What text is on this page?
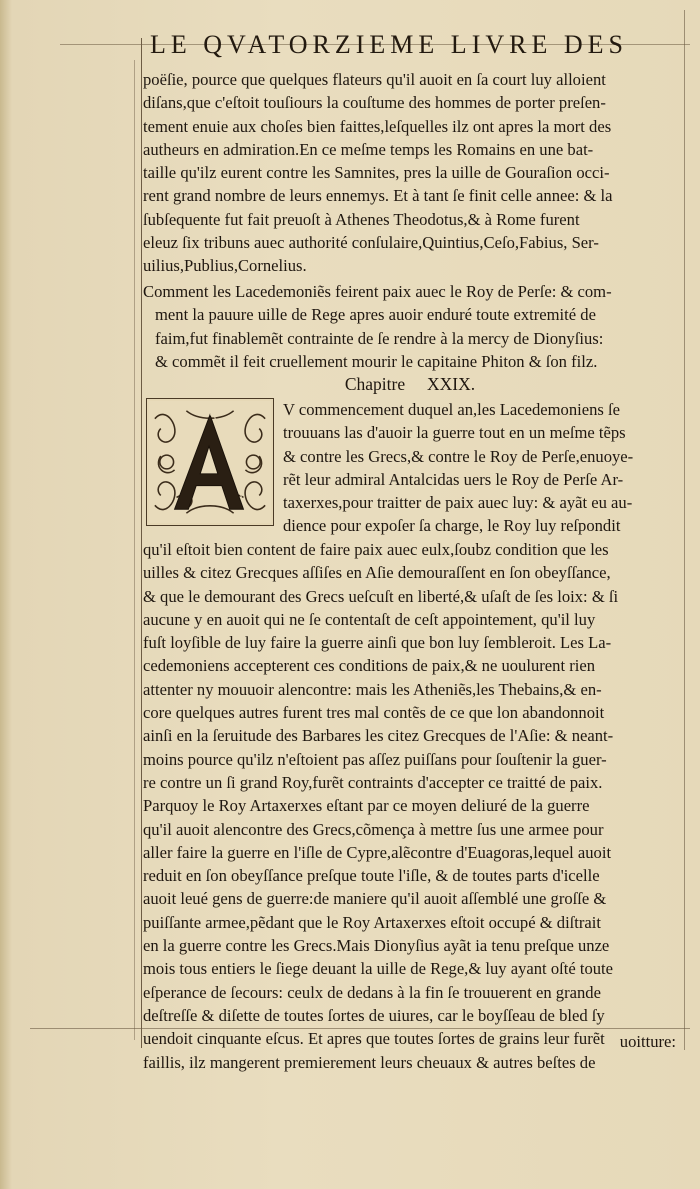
LE QVATORZIEME LIVRE DES
poëſie, pource que quelques flateurs qu'il auoit en ſa court luy alloient
diſans,que c'eſtoit touſiours la couſtume des hommes de porter preſen-
tement enuie aux choſes bien faittes,leſquelles ilz ont apres la mort des
autheurs en admiration.En ce meſme temps les Romains en une bat-
taille qu'ilz eurent contre les Samnites, pres la uille de Gouraſion occi-
rent grand nombre de leurs ennemys. Et à tant ſe finit celle annee: & la
ſubſequente fut fait preuoſt à Athenes Theodotus,& à Rome furent
eleuz ſix tribuns auec authorité conſulaire,Quintius,Ceſo,Fabius, Ser-
uilius,Publius,Cornelius.
Comment les Lacedemoniẽs feirent paix auec le Roy de Perſe: & com-
ment la pauure uille de Rege apres auoir enduré toute extremité de
faim,fut finablemẽt contrainte de ſe rendre à la mercy de Dionyſius:
& commẽt il feit cruellement mourir le capitaine Phiton & ſon filz.
Chapitre     XXIX.
V commencement duquel an,les Lacedemoniens ſe
trouuans las d'auoir la guerre tout en un meſme tẽps
& contre les Grecs,& contre le Roy de Perſe,enuoye-
rẽt leur admiral Antalcidas uers le Roy de Perſe Ar-
taxerxes,pour traitter de paix auec luy: & ayãt eu au-
dience pour expoſer ſa charge, le Roy luy reſpondit
qu'il eſtoit bien content de faire paix auec eulx,ſoubz condition que les
uilles & citez Grecques aſſiſes en Aſie demouraſſent en ſon obeyſſance,
& que le demourant des Grecs ueſcuſt en liberté,& uſaſt de ſes loix: & ſi
aucune y en auoit qui ne ſe contentaſt de ceſt appointement, qu'il luy
fuſt loyſible de luy faire la guerre ainſi que bon luy ſembleroit. Les La-
cedemoniens accepterent ces conditions de paix,& ne uoulurent rien
attenter ny mouuoir alencontre: mais les Atheniẽs,les Thebains,& en-
core quelques autres furent tres mal contẽs de ce que lon abandonnoit
ainſi en la ſeruitude des Barbares les citez Grecques de l'Aſie: & neant-
moins pource qu'ilz n'eſtoient pas aſſez puiſſans pour ſouſtenir la guer-
re contre un ſi grand Roy,furẽt contraints d'accepter ce traitté de paix.
Parquoy le Roy Artaxerxes eſtant par ce moyen deliuré de la guerre
qu'il auoit alencontre des Grecs,cõmença à mettre ſus une armee pour
aller faire la guerre en l'iſle de Cypre,alẽcontre d'Euagoras,lequel auoit
reduit en ſon obeyſſance preſque toute l'iſle, & de toutes parts d'icelle
auoit leué gens de guerre:de maniere qu'il auoit aſſemblé une groſſe &
puiſſante armee,pẽdant que le Roy Artaxerxes eſtoit occupé & diſtrait
en la guerre contre les Grecs.Mais Dionyſius ayãt ia tenu preſque unze
mois tous entiers le ſiege deuant la uille de Rege,& luy ayant oſté toute
eſperance de ſecours: ceulx de dedans à la fin ſe trouuerent en grande
deſtreſſe & diſette de toutes ſortes de uiures, car le boyſſeau de bled ſy
uendoit cinquante eſcus. Et apres que toutes ſortes de grains leur furẽt
faillis, ilz mangerent premierement leurs cheuaux & autres beſtes de
uoitture:
